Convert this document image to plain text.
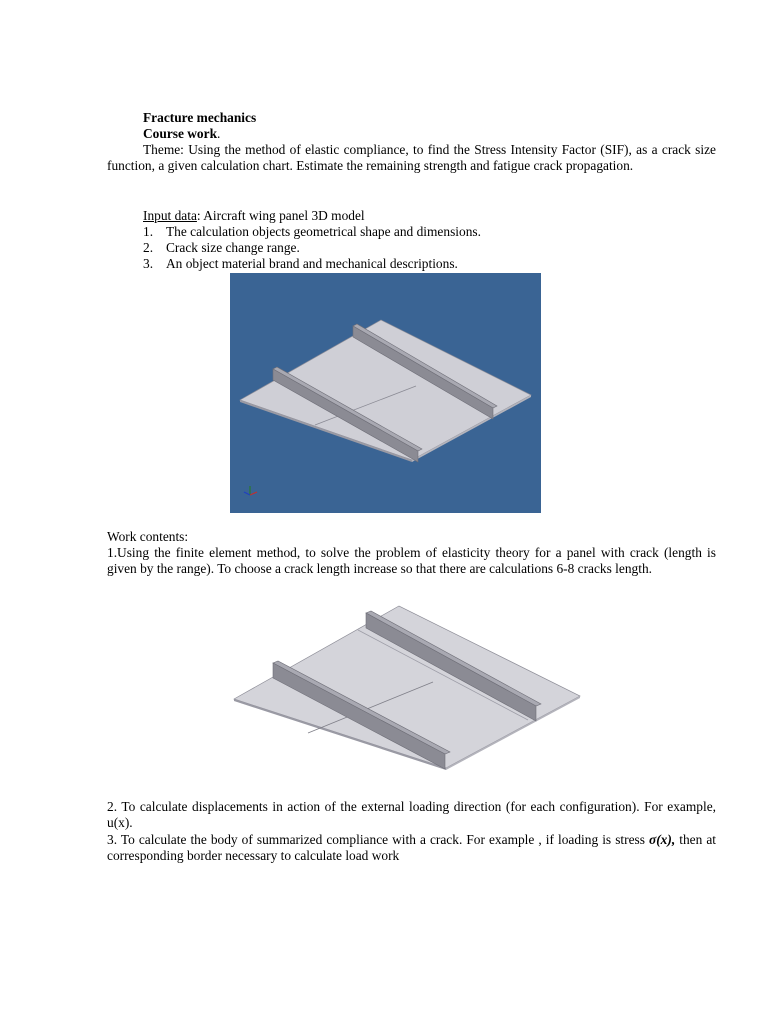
Fracture mechanics
Course work.
Theme: Using the method of elastic compliance, to find the Stress Intensity Factor (SIF), as a crack size function, a given calculation chart. Estimate the remaining strength and fatigue crack propagation.
Input data: Aircraft wing panel 3D model
1. The calculation objects geometrical shape and dimensions.
2. Crack size change range.
3. An object material brand and mechanical descriptions.
Work contents:
1.Using the finite element method, to solve the problem of elasticity theory for a panel with crack (length is given by the range). To choose a crack length increase so that there are calculations 6-8 cracks length.
2. To calculate displacements in action of the external loading direction (for each configuration). For example, u(x).
3. To calculate the body of summarized compliance with a crack. For example , if loading is stress σ(x), then at corresponding border necessary to calculate load work
